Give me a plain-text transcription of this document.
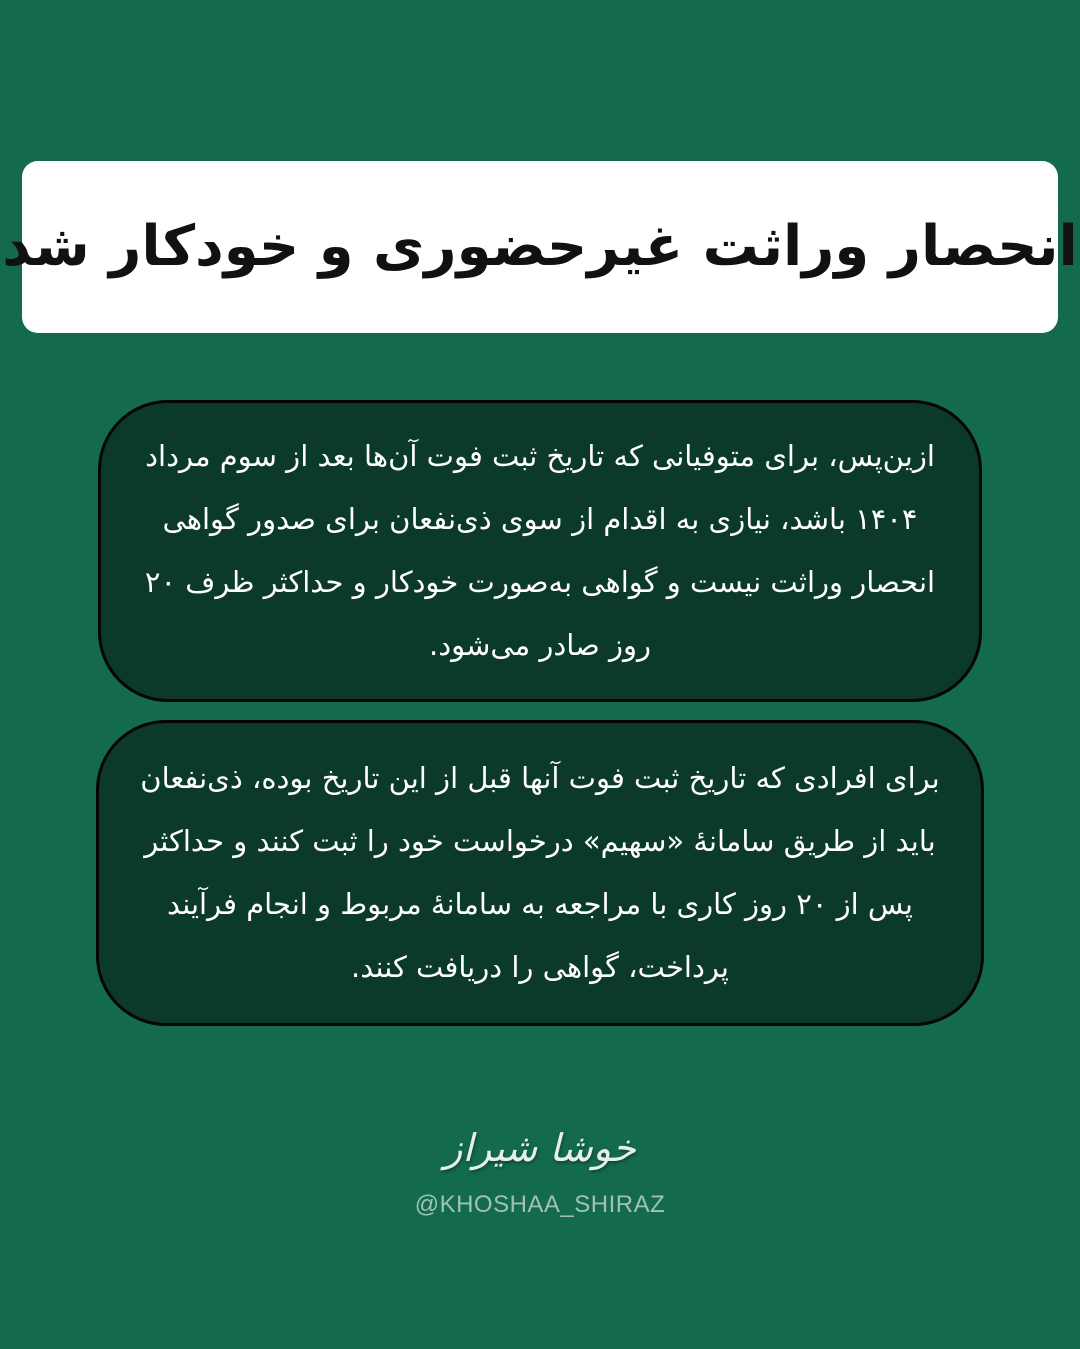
انحصار وراثت غیرحضوری و خودکار شد

ازین‌پس، برای متوفیانی که تاریخ ثبت فوت آن‌ها بعد از سوم مرداد ۱۴۰۴ باشد، نیازی به اقدام از سوی ذی‌نفعان برای صدور گواهی انحصار وراثت نیست و گواهی به‌صورت خودکار و حداکثر ظرف ۲۰ روز صادر می‌شود.

برای افرادی که تاریخ ثبت فوت آنها قبل از این تاریخ بوده، ذی‌نفعان باید از طریق سامانهٔ «سهیم» درخواست خود را ثبت کنند و حداکثر پس از ۲۰ روز کاری با مراجعه به سامانهٔ مربوط و انجام فرآیند پرداخت، گواهی را دریافت کنند.

خوشا شیراز
@KHOSHAA_SHIRAZ
